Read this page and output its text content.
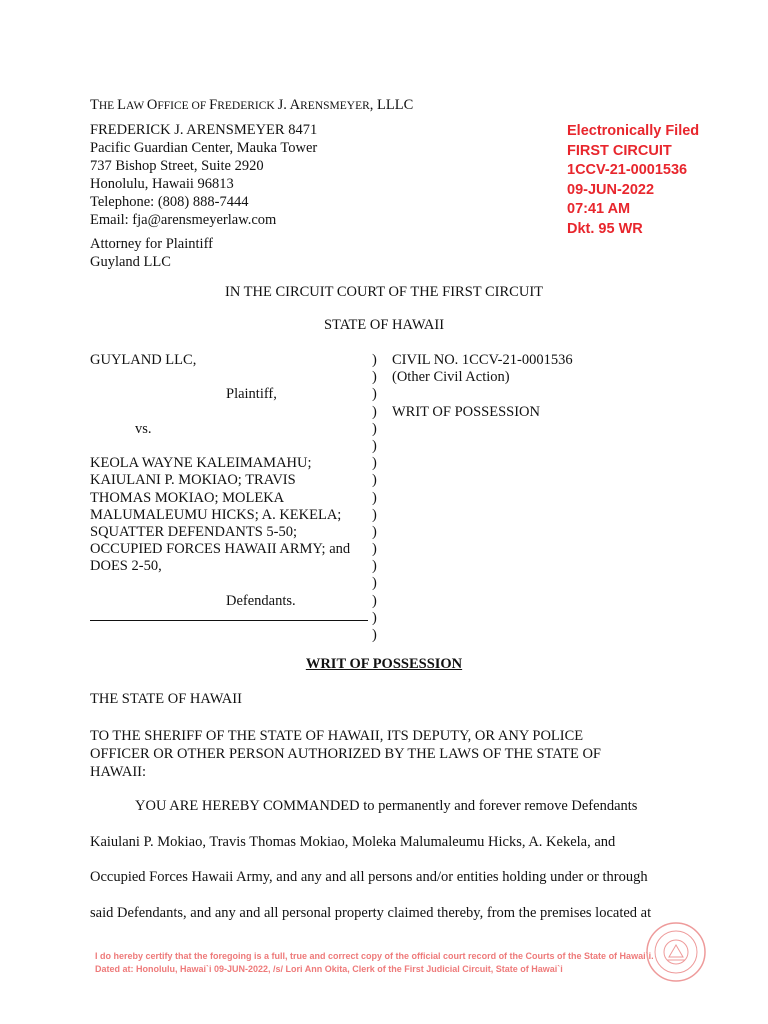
THE LAW OFFICE OF FREDERICK J. ARENSMEYER, LLLC
FREDERICK J. ARENSMEYER 8471
Pacific Guardian Center, Mauka Tower
737 Bishop Street, Suite 2920
Honolulu, Hawaii 96813
Telephone: (808) 888-7444
Email: fja@arensmeyerlaw.com
Attorney for Plaintiff
Guyland LLC
Electronically Filed
FIRST CIRCUIT
1CCV-21-0001536
09-JUN-2022
07:41 AM
Dkt. 95 WR
IN THE CIRCUIT COURT OF THE FIRST CIRCUIT
STATE OF HAWAII
GUYLAND LLC,
Plaintiff,
vs.
KEOLA WAYNE KALEIMAMAHU;
KAIULANI P. MOKIAO; TRAVIS
THOMAS MOKIAO; MOLEKA
MALUMALEUMU HICKS; A. KEKELA;
SQUATTER DEFENDANTS 5-50;
OCCUPIED FORCES HAWAII ARMY; and
DOES 2-50,
Defendants.
)
)
)
)
)
)
)
)
)
)
)
)
)
)
)
)
)
CIVIL NO. 1CCV-21-0001536
(Other Civil Action)
WRIT OF POSSESSION
WRIT OF POSSESSION
THE STATE OF HAWAII
TO THE SHERIFF OF THE STATE OF HAWAII, ITS DEPUTY, OR ANY POLICE
OFFICER OR OTHER PERSON AUTHORIZED BY THE LAWS OF THE STATE OF
HAWAII:
YOU ARE HEREBY COMMANDED to permanently and forever remove Defendants
Kaiulani P. Mokiao, Travis Thomas Mokiao, Moleka Malumaleumu Hicks, A. Kekela, and
Occupied Forces Hawaii Army, and any and all persons and/or entities holding under or through
said Defendants, and any and all personal property claimed thereby, from the premises located at
I do hereby certify that the foregoing is a full, true and correct copy of the official court record of the Courts of the State of Hawai`i.
Dated at: Honolulu, Hawai`i 09-JUN-2022, /s/ Lori Ann Okita, Clerk of the First Judicial Circuit, State of Hawai`i
